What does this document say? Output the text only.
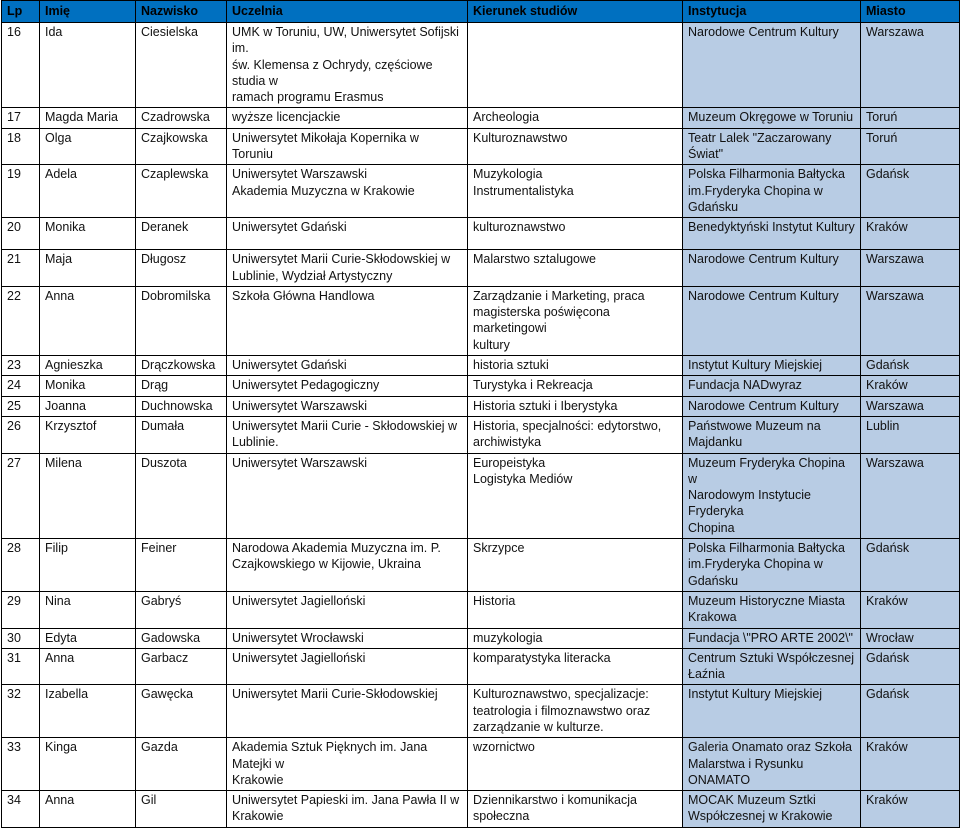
Lp	Imię	Nazwisko	Uczelnia	Kierunek studiów	Instytucja	Miasto

16	Ida	Ciesielska	UMK w Toruniu, UW, Uniwersytet Sofijski im.
św. Klemensa z Ochrydy, częściowe studia w
ramach programu Erasmus		Narodowe Centrum Kultury	Warszawa

17	Magda Maria	Czadrowska	wyższe licencjackie	Archeologia	Muzeum Okręgowe w Toruniu	Toruń

18	Olga	Czajkowska	Uniwersytet Mikołaja Kopernika w Toruniu	Kulturoznawstwo	Teatr Lalek "Zaczarowany Świat"	Toruń

19	Adela	Czaplewska	Uniwersytet Warszawski
Akademia Muzyczna w Krakowie	Muzykologia
Instrumentalistyka	Polska Filharmonia Bałtycka
im.Fryderyka Chopina w Gdańsku	Gdańsk

20	Monika	Deranek	Uniwersytet Gdański	kulturoznawstwo	Benedyktyński Instytut Kultury	Kraków

21	Maja	Długosz	Uniwersytet Marii Curie-Skłodowskiej w
Lublinie, Wydział Artystyczny	Malarstwo sztalugowe	Narodowe Centrum Kultury	Warszawa

22	Anna	Dobromilska	Szkoła Główna Handlowa	Zarządzanie i Marketing, praca
magisterska poświęcona marketingowi
kultury	Narodowe Centrum Kultury	Warszawa

23	Agnieszka	Drączkowska	Uniwersytet Gdański	historia sztuki	Instytut Kultury Miejskiej	Gdańsk

24	Monika	Drąg	Uniwersytet Pedagogiczny	Turystyka i Rekreacja	Fundacja NADwyraz	Kraków

25	Joanna	Duchnowska	Uniwersytet Warszawski	Historia sztuki i Iberystyka	Narodowe Centrum Kultury	Warszawa

26	Krzysztof	Dumała	Uniwersytet Marii Curie - Skłodowskiej w
Lublinie.	Historia, specjalności: edytorstwo,
archiwistyka	Państwowe Muzeum na Majdanku	Lublin

27	Milena	Duszota	Uniwersytet Warszawski	Europeistyka
Logistyka Mediów	Muzeum Fryderyka Chopina w
Narodowym Instytucie Fryderyka
Chopina	Warszawa

28	Filip	Feiner	Narodowa Akademia Muzyczna im. P.
Czajkowskiego w Kijowie, Ukraina	Skrzypce	Polska Filharmonia Bałtycka
im.Fryderyka Chopina w Gdańsku	Gdańsk

29	Nina	Gabryś	Uniwersytet Jagielloński	Historia	Muzeum Historyczne Miasta
Krakowa	Kraków

30	Edyta	Gadowska	Uniwersytet Wrocławski	muzykologia	Fundacja \"PRO ARTE 2002\"	Wrocław

31	Anna	Garbacz	Uniwersytet Jagielloński	komparatystyka literacka	Centrum Sztuki Współczesnej
Łaźnia	Gdańsk

32	Izabella	Gawęcka	Uniwersytet Marii Curie-Skłodowskiej	Kulturoznawstwo, specjalizacje:
teatrologia i filmoznawstwo oraz
zarządzanie w kulturze.	Instytut Kultury Miejskiej	Gdańsk

33	Kinga	Gazda	Akademia Sztuk Pięknych im. Jana Matejki w
Krakowie	wzornictwo	Galeria Onamato oraz Szkoła
Malarstwa i Rysunku ONAMATO	Kraków

34	Anna	Gil	Uniwersytet Papieski im. Jana Pawła II w
Krakowie	Dziennikarstwo i komunikacja społeczna	MOCAK Muzeum Sztki
Współczesnej w Krakowie	Kraków
